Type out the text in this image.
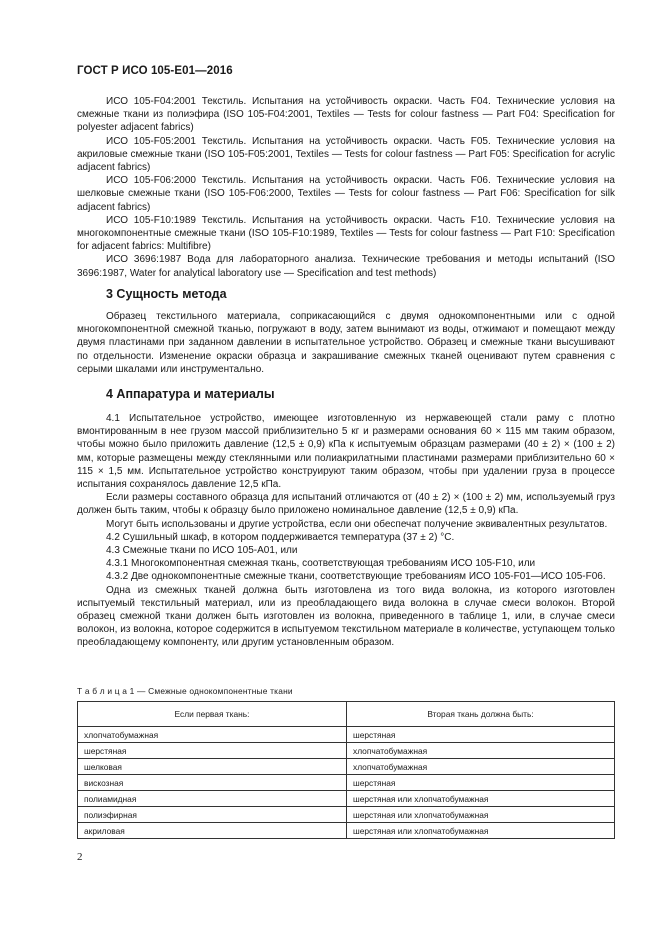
ГОСТ Р ИСО 105-Е01—2016

ИСО 105-F04:2001 Текстиль. Испытания на устойчивость окраски. Часть F04. Технические условия на смежные ткани из полиэфира (ISO 105-F04:2001, Textiles — Tests for colour fastness — Part F04: Specification for polyester adjacent fabrics)

ИСО 105-F05:2001 Текстиль. Испытания на устойчивость окраски. Часть F05. Технические условия на акриловые смежные ткани (ISO 105-F05:2001, Textiles — Tests for colour fastness — Part F05: Specification for acrylic adjacent fabrics)

ИСО 105-F06:2000 Текстиль. Испытания на устойчивость окраски. Часть F06. Технические условия на шелковые смежные ткани (ISO 105-F06:2000, Textiles — Tests for colour fastness — Part F06: Specification for silk adjacent fabrics)

ИСО 105-F10:1989 Текстиль. Испытания на устойчивость окраски. Часть F10. Технические условия на многокомпонентные смежные ткани (ISO 105-F10:1989, Textiles — Tests for colour fastness — Part F10: Specification for adjacent fabrics: Multifibre)

ИСО 3696:1987 Вода для лабораторного анализа. Технические требования и методы испытаний (ISO 3696:1987, Water for analytical laboratory use — Specification and test methods)

3 Сущность метода

Образец текстильного материала, соприкасающийся с двумя однокомпонентными или с одной многокомпонентной смежной тканью, погружают в воду, затем вынимают из воды, отжимают и помещают между двумя пластинами при заданном давлении в испытательное устройство. Образец и смежные ткани высушивают по отдельности. Изменение окраски образца и закрашивание смежных тканей оценивают путем сравнения с серыми шкалами или инструментально.

4 Аппаратура и материалы

4.1 Испытательное устройство, имеющее изготовленную из нержавеющей стали раму с плотно вмонтированным в нее грузом массой приблизительно 5 кг и размерами основания 60 × 115 мм таким образом, чтобы можно было приложить давление (12,5 ± 0,9) кПа к испытуемым образцам размерами (40 ± 2) × (100 ± 2) мм, которые размещены между стеклянными или полиакрилатными пластинами размерами приблизительно 60 × 115 × 1,5 мм. Испытательное устройство конструируют таким образом, чтобы при удалении груза в процессе испытания сохранялось давление 12,5 кПа.

Если размеры составного образца для испытаний отличаются от (40 ± 2) × (100 ± 2) мм, используемый груз должен быть таким, чтобы к образцу было приложено номинальное давление (12,5 ± 0,9) кПа.

Могут быть использованы и другие устройства, если они обеспечат получение эквивалентных результатов.

4.2 Сушильный шкаф, в котором поддерживается температура (37 ± 2) °С.

4.3 Смежные ткани по ИСО 105-А01, или

4.3.1 Многокомпонентная смежная ткань, соответствующая требованиям ИСО 105-F10, или

4.3.2 Две однокомпонентные смежные ткани, соответствующие требованиям ИСО 105-F01—ИСО 105-F06.

Одна из смежных тканей должна быть изготовлена из того вида волокна, из которого изготовлен испытуемый текстильный материал, или из преобладающего вида волокна в случае смеси волокон. Второй образец смежной ткани должен быть изготовлен из волокна, приведенного в таблице 1, или, в случае смеси волокон, из волокна, которое содержится в испытуемом текстильном материале в количестве, уступающем только преобладающему компоненту, или другим установленным образом.

Т а б л и ц а 1 — Смежные однокомпонентные ткани
Если первая ткань:	Вторая ткань должна быть:
хлопчатобумажная	шерстяная
шерстяная	хлопчатобумажная
шелковая	хлопчатобумажная
вискозная	шерстяная
полиамидная	шерстяная или хлопчатобумажная
полиэфирная	шерстяная или хлопчатобумажная
акриловая	шерстяная или хлопчатобумажная
2
